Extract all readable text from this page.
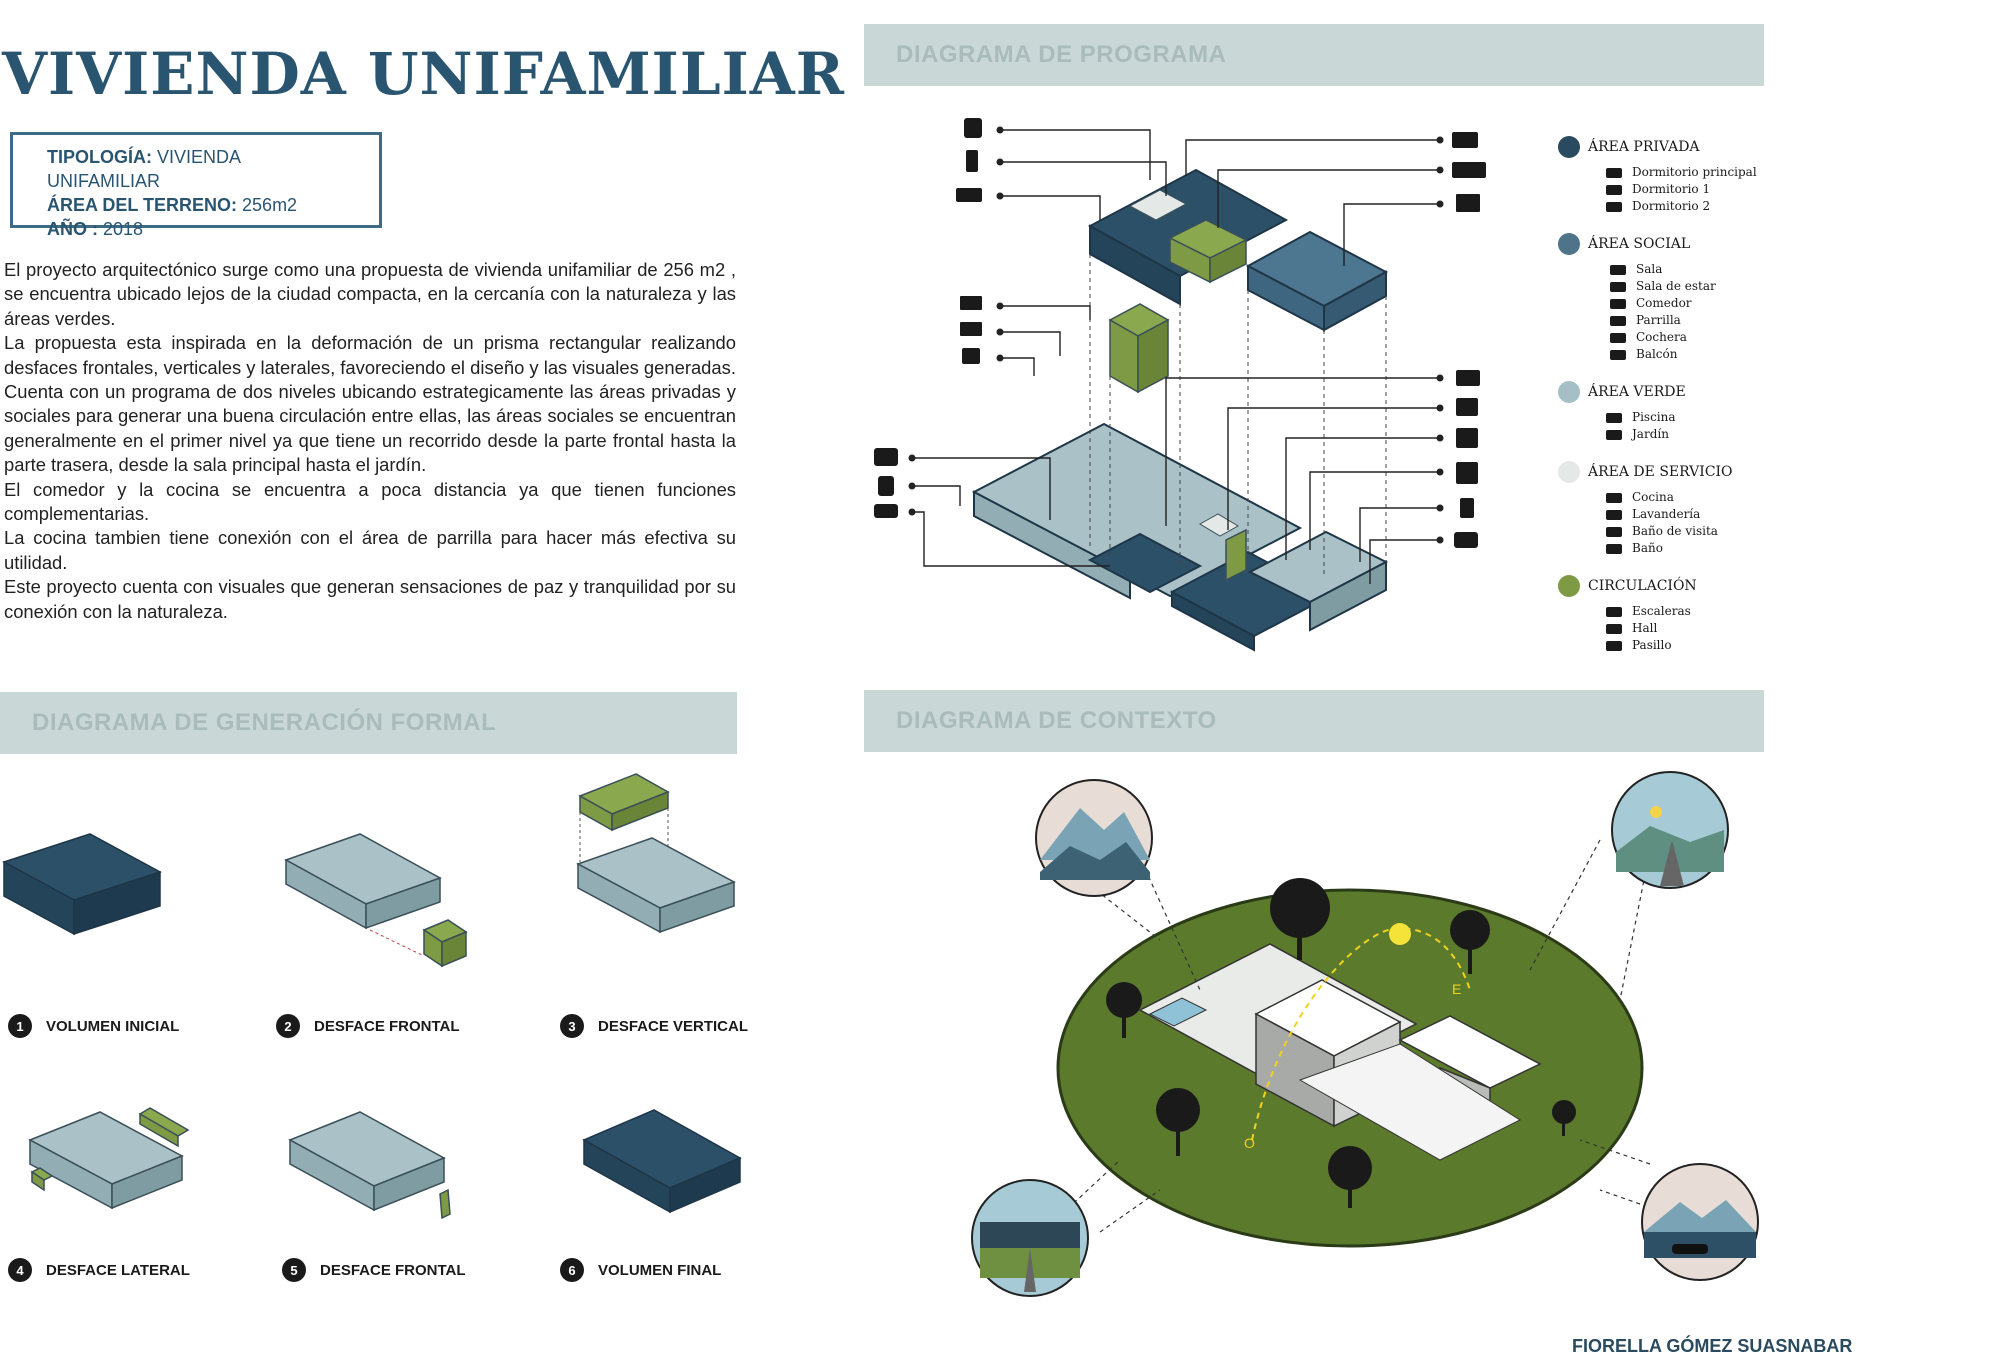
VIVIENDA UNIFAMILIAR
TIPOLOGÍA: VIVIENDA UNIFAMILIAR
ÁREA DEL TERRENO: 256m2
AÑO : 2018

El proyecto arquitectónico surge como una propuesta de vivienda unifamiliar de 256 m2 , se encuentra ubicado lejos de la ciudad compacta, en la cercanía con la naturaleza y las áreas verdes.

La propuesta esta inspirada en la deformación de un prisma rectangular realizando desfaces frontales, verticales y laterales, favoreciendo el diseño y las visuales generadas.

Cuenta con un programa de dos niveles ubicando estrategicamente las áreas privadas y sociales para generar una buena circulación entre ellas, las áreas sociales se encuentran generalmente en el primer nivel ya que tiene un recorrido desde la parte frontal hasta la parte trasera, desde la sala principal hasta el jardín.

El comedor y la cocina se encuentra a poca distancia ya que tienen funciones complementarias.

La cocina tambien tiene conexión con el área de parrilla para hacer más efectiva su utilidad.

Este proyecto cuenta con visuales que generan sensaciones de paz y tranquilidad por su conexión con la naturaleza.

DIAGRAMA DE PROGRAMA
DIAGRAMA DE GENERACIÓN FORMAL	DIAGRAMA DE CONTEXTO
O
E
1	VOLUMEN INICIAL	2	DESFACE FRONTAL	3	DESFACE VERTICAL
4	DESFACE LATERAL	5	DESFACE FRONTAL	6	VOLUMEN FINAL
ÁREA PRIVADA
Dormitorio principal
Dormitorio 1
Dormitorio 2
ÁREA SOCIAL
Sala
Sala de estar
Comedor
Parrilla
Cochera
Balcón
ÁREA VERDE
Piscina
Jardín
ÁREA DE SERVICIO
Cocina
Lavandería
Baño de visita
Baño
CIRCULACIÓN
Escaleras
Hall
Pasillo
FIORELLA GÓMEZ SUASNABAR
